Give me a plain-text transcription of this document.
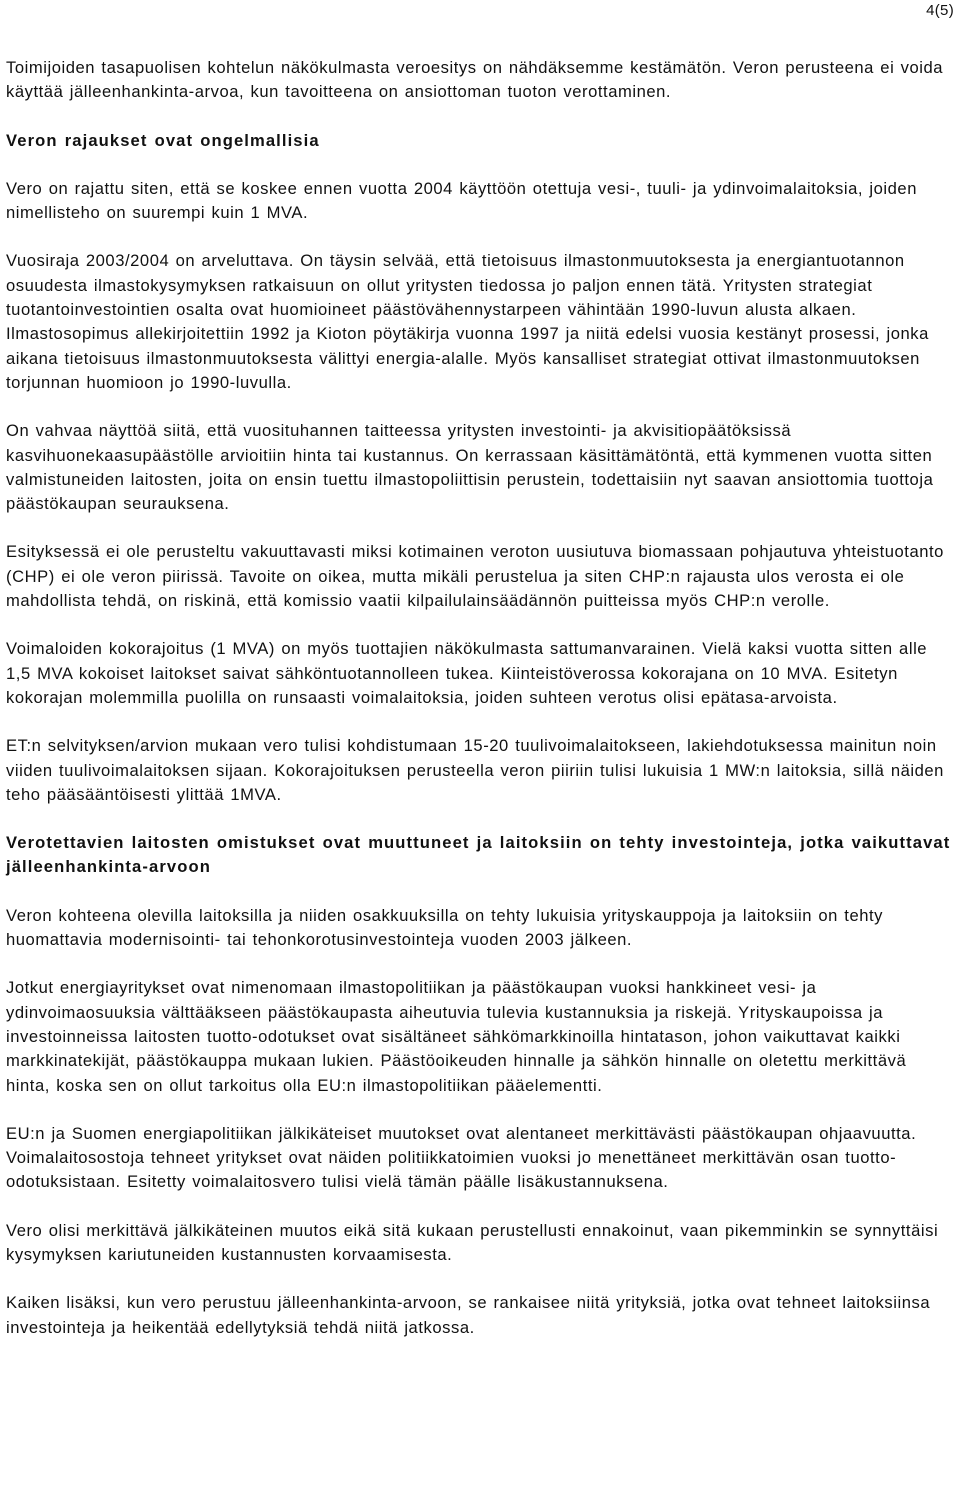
4(5)

Toimijoiden tasapuolisen kohtelun näkökulmasta veroesitys on nähdäksemme kestämätön. Veron perusteena ei voida käyttää jälleenhankinta-arvoa, kun tavoitteena on ansiottoman tuoton verottaminen.

Veron rajaukset ovat ongelmallisia

Vero on rajattu siten, että se koskee ennen vuotta 2004 käyttöön otettuja vesi-, tuuli- ja ydinvoimalaitoksia, joiden nimellisteho on suurempi kuin 1 MVA.

Vuosiraja 2003/2004 on arveluttava. On täysin selvää, että tietoisuus ilmastonmuutoksesta ja energiantuotannon osuudesta ilmastokysymyksen ratkaisuun on ollut yritysten tiedossa jo paljon ennen tätä. Yritysten strategiat tuotantoinvestointien osalta ovat huomioineet päästövähennystarpeen vähintään 1990-luvun alusta alkaen. Ilmastosopimus allekirjoitettiin 1992 ja Kioton pöytäkirja vuonna 1997 ja niitä edelsi vuosia kestänyt prosessi, jonka aikana tietoisuus ilmastonmuutoksesta välittyi energia-alalle. Myös kansalliset strategiat ottivat ilmastonmuutoksen torjunnan huomioon jo 1990-luvulla.

On vahvaa näyttöä siitä, että vuosituhannen taitteessa yritysten investointi- ja akvisitiopäätöksissä kasvihuonekaasupäästölle arvioitiin hinta tai kustannus. On kerrassaan käsittämätöntä, että kymmenen vuotta sitten valmistuneiden laitosten, joita on ensin tuettu ilmastopoliittisin perustein, todettaisiin nyt saavan ansiottomia tuottoja päästökaupan seurauksena.

Esityksessä ei ole perusteltu vakuuttavasti miksi kotimainen veroton uusiutuva biomassaan pohjautuva yhteistuotanto (CHP) ei ole veron piirissä. Tavoite on oikea, mutta mikäli perustelua ja siten CHP:n rajausta ulos verosta ei ole mahdollista tehdä, on riskinä, että komissio vaatii kilpailulainsäädännön puitteissa myös CHP:n verolle.

Voimaloiden kokorajoitus (1 MVA) on myös tuottajien näkökulmasta sattumanvarainen. Vielä kaksi vuotta sitten alle 1,5 MVA kokoiset laitokset saivat sähköntuotannolleen tukea. Kiinteistöverossa kokorajana on 10 MVA. Esitetyn kokorajan molemmilla puolilla on runsaasti voimalaitoksia, joiden suhteen verotus olisi epätasa-arvoista.

ET:n selvityksen/arvion mukaan vero tulisi kohdistumaan 15-20 tuulivoimalaitokseen, lakiehdotuksessa mainitun noin viiden tuulivoimalaitoksen sijaan. Kokorajoituksen perusteella veron piiriin tulisi lukuisia 1 MW:n laitoksia, sillä näiden teho pääsääntöisesti ylittää 1MVA.

Verotettavien laitosten omistukset ovat muuttuneet ja laitoksiin on tehty investointeja, jotka vaikuttavat jälleenhankinta-arvoon

Veron kohteena olevilla laitoksilla ja niiden osakkuuksilla on tehty lukuisia yrityskauppoja ja laitoksiin on tehty huomattavia modernisointi- tai tehonkorotusinvestointeja vuoden 2003 jälkeen.

Jotkut energiayritykset ovat nimenomaan ilmastopolitiikan ja päästökaupan vuoksi hankkineet vesi- ja ydinvoimaosuuksia välttääkseen päästökaupasta aiheutuvia tulevia kustannuksia ja riskejä. Yrityskaupoissa ja investoinneissa laitosten tuotto-odotukset ovat sisältäneet sähkömarkkinoilla hintatason, johon vaikuttavat kaikki markkinatekijät, päästökauppa mukaan lukien. Päästöoikeuden hinnalle ja sähkön hinnalle on oletettu merkittävä hinta, koska sen on ollut tarkoitus olla EU:n ilmastopolitiikan pääelementti.

EU:n ja Suomen energiapolitiikan jälkikäteiset muutokset ovat alentaneet merkittävästi päästökaupan ohjaavuutta. Voimalaitosostoja tehneet yritykset ovat näiden politiikkatoimien vuoksi jo menettäneet merkittävän osan tuotto-odotuksistaan. Esitetty voimalaitosvero tulisi vielä tämän päälle lisäkustannuksena.

Vero olisi merkittävä jälkikäteinen muutos eikä sitä kukaan perustellusti ennakoinut, vaan pikemminkin se synnyttäisi kysymyksen kariutuneiden kustannusten korvaamisesta.

Kaiken lisäksi, kun vero perustuu jälleenhankinta-arvoon, se rankaisee niitä yrityksiä, jotka ovat tehneet laitoksiinsa investointeja ja heikentää edellytyksiä tehdä niitä jatkossa.
